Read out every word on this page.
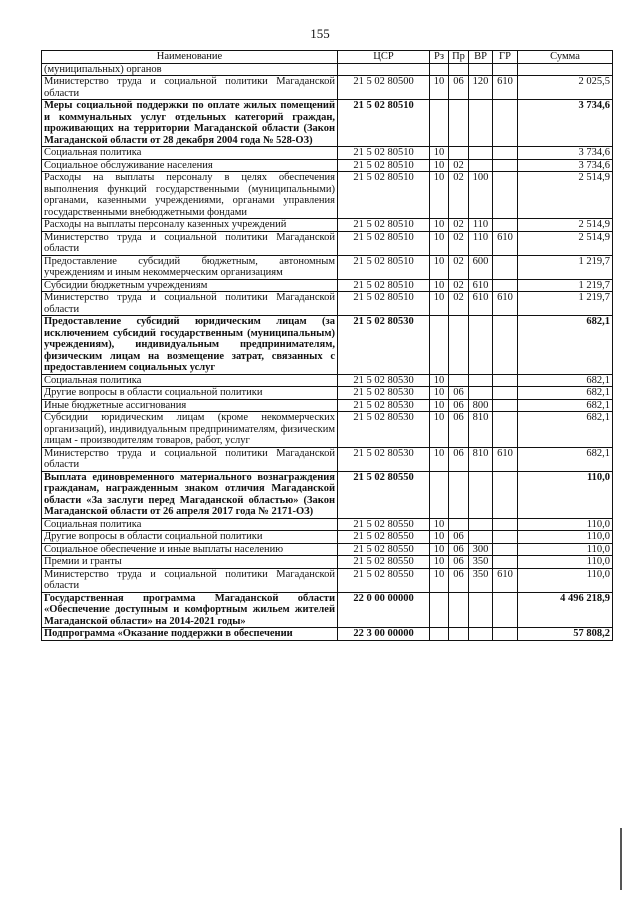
155
Наименование	ЦСР	Рз	Пр	ВР	ГР	Сумма
(муниципальных) органов						
Министерство труда и социальной политики Магаданской области	21 5 02 80500	10	06	120	610	2 025,5
Меры социальной поддержки по оплате жилых помещений и коммунальных услуг отдельных категорий граждан, проживающих на территории Магаданской области (Закон Магаданской области от 28 декабря 2004 года № 528-ОЗ)	21 5 02 80510					3 734,6
Социальная политика	21 5 02 80510	10				3 734,6
Социальное обслуживание населения	21 5 02 80510	10	02			3 734,6
Расходы на выплаты персоналу в целях обеспечения выполнения функций государственными (муниципальными) органами, казенными учреждениями, органами управления государственными внебюджетными фондами	21 5 02 80510	10	02	100		2 514,9
Расходы на выплаты персоналу казенных учреждений	21 5 02 80510	10	02	110		2 514,9
Министерство труда и социальной политики Магаданской области	21 5 02 80510	10	02	110	610	2 514,9
Предоставление субсидий бюджетным, автономным учреждениям и иным некоммерческим организациям	21 5 02 80510	10	02	600		1 219,7
Субсидии бюджетным учреждениям	21 5 02 80510	10	02	610		1 219,7
Министерство труда и социальной политики Магаданской области	21 5 02 80510	10	02	610	610	1 219,7
Предоставление субсидий юридическим лицам (за исключением субсидий государственным (муниципальным) учреждениям), индивидуальным предпринимателям, физическим лицам на возмещение затрат, связанных с предоставлением социальных услуг	21 5 02 80530					682,1
Социальная политика	21 5 02 80530	10				682,1
Другие вопросы в области социальной политики	21 5 02 80530	10	06			682,1
Иные бюджетные ассигнования	21 5 02 80530	10	06	800		682,1
Субсидии юридическим лицам (кроме некоммерческих организаций), индивидуальным предпринимателям, физическим лицам - производителям товаров, работ, услуг	21 5 02 80530	10	06	810		682,1
Министерство труда и социальной политики Магаданской области	21 5 02 80530	10	06	810	610	682,1
Выплата единовременного материального вознаграждения гражданам, награжденным знаком отличия Магаданской области «За заслуги перед Магаданской областью» (Закон Магаданской области от 26 апреля 2017 года № 2171-ОЗ)	21 5 02 80550					110,0
Социальная политика	21 5 02 80550	10				110,0
Другие вопросы в области социальной политики	21 5 02 80550	10	06			110,0
Социальное обеспечение и иные выплаты населению	21 5 02 80550	10	06	300		110,0
Премии и гранты	21 5 02 80550	10	06	350		110,0
Министерство труда и социальной политики Магаданской области	21 5 02 80550	10	06	350	610	110,0
Государственная программа Магаданской области «Обеспечение доступным и комфортным жильем жителей Магаданской области» на 2014-2021 годы»	22 0 00 00000					4 496 218,9
Подпрограмма «Оказание поддержки в обеспечении	22 3 00 00000					57 808,2
